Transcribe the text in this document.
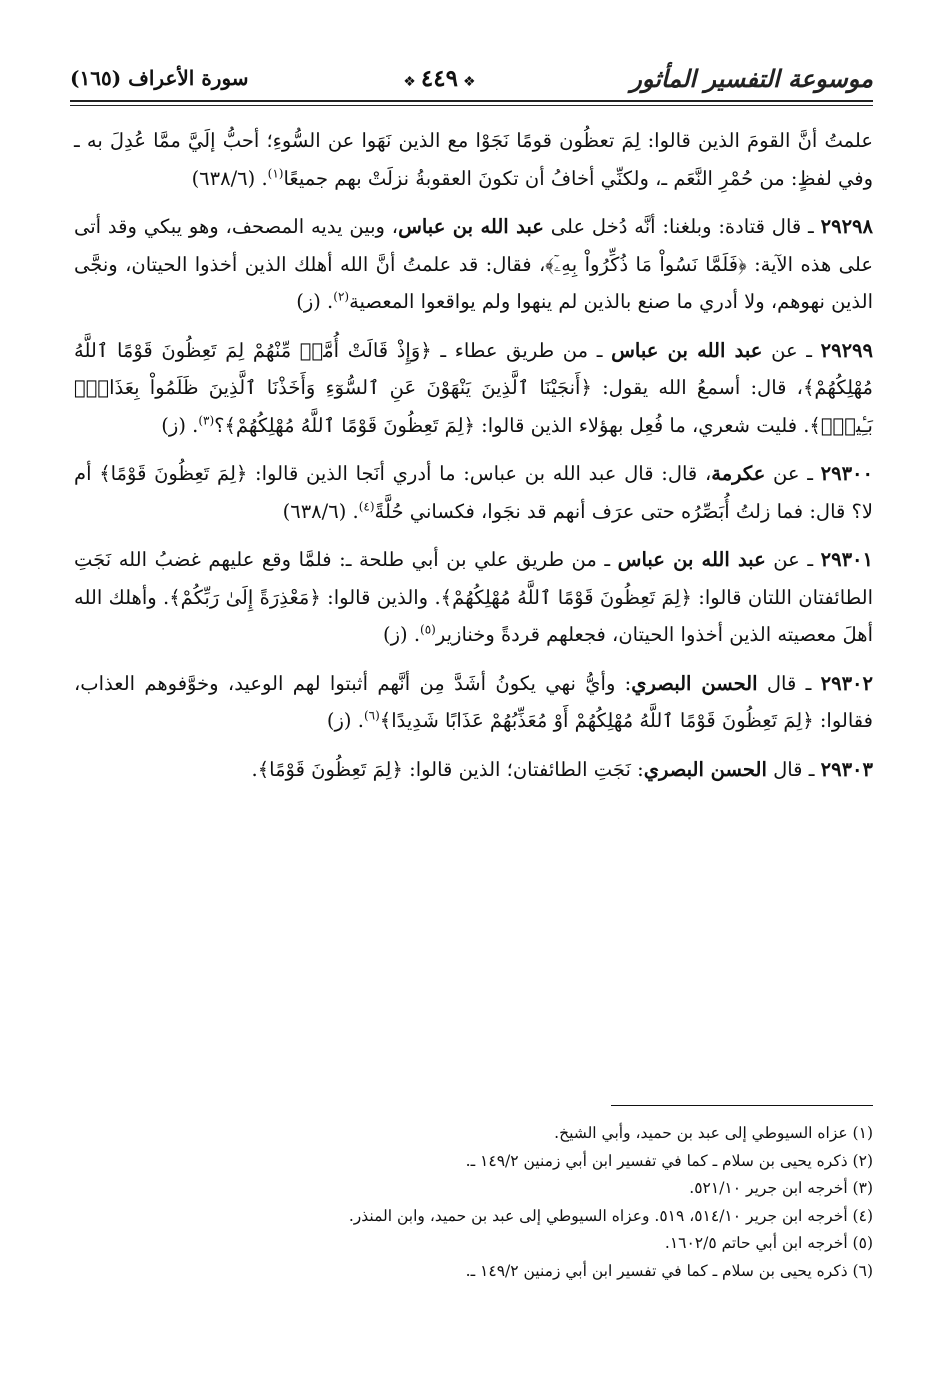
موسوعة التفسير المأثور
❖ ٤٤٩ ❖
سورة الأعراف (١٦٥)

علمتُ أنَّ القومَ الذين قالوا: لِمَ تعظُون قومًا نَجَوْا مع الذين نَهَوا عن السُّوءِ؛ أحبُّ إلَيَّ ممَّا عُدِلَ به ـ وفي لفظٍ: من حُمْرِ النَّعَم ـ، ولكنِّي أخافُ أن تكونَ العقوبةُ نزلَتْ بهم جميعًا$^{(١)}$. (٦٣٨/٦)

٢٩٢٩٨ ـ قال قتادة: وبلغنا: أنَّه دُخل على عبد الله بن عباس، وبين يديه المصحف، وهو يبكي وقد أتى على هذه الآية: ﴿فَلَمَّا نَسُواْ مَا ذُكِّرُواْ بِهِۦٓ﴾، فقال: قد علمتُ أنَّ الله أهلك الذين أخذوا الحيتان، ونجَّى الذين نهوهم، ولا أدري ما صنع بالذين لم ينهوا ولم يواقعوا المعصية$^{(٢)}$. (ز)

٢٩٢٩٩ ـ عن عبد الله بن عباس ـ من طريق عطاء ـ ﴿وَإِذْ قَالَتْ أُمَّةٞ مِّنْهُمْ لِمَ تَعِظُونَ قَوْمًا ٱللَّهُ مُهْلِكُهُمْ﴾، قال: أسمعُ الله يقول: ﴿أَنجَيْنَا ٱلَّذِينَ يَنْهَوْنَ عَنِ ٱلسُّوٓءِ وَأَخَذْنَا ٱلَّذِينَ ظَلَمُواْ بِعَذَابِۭ بَـِٔيسِۭ﴾. فليت شعري، ما فُعِل بهؤلاء الذين قالوا: ﴿لِمَ تَعِظُونَ قَوْمًا ٱللَّهُ مُهْلِكُهُمْ﴾؟$^{(٣)}$. (ز)

٢٩٣٠٠ ـ عن عكرمة، قال: قال عبد الله بن عباس: ما أدري أنَجا الذين قالوا: ﴿لِمَ تَعِظُونَ قَوْمًا﴾ أم لا؟ قال: فما زلتُ أُبَصِّرُه حتى عرَف أنهم قد نجَوا، فكساني حُلَّةً$^{(٤)}$. (٦٣٨/٦)

٢٩٣٠١ ـ عن عبد الله بن عباس ـ من طريق علي بن أبي طلحة ـ: فلمَّا وقع عليهم غضبُ الله نَجَتِ الطائفتان اللتان قالوا: ﴿لِمَ تَعِظُونَ قَوْمًا ٱللَّهُ مُهْلِكُهُمْ﴾. والذين قالوا: ﴿مَعْذِرَةً إِلَىٰ رَبِّكُمْ﴾. وأهلك الله أهلَ معصيته الذين أخذوا الحيتان، فجعلهم قردةً وخنازير$^{(٥)}$. (ز)

٢٩٣٠٢ ـ قال الحسن البصري: وأيُّ نهي يكونُ أشَدَّ مِن أنَّهم أثبتوا لهم الوعيد، وخوَّفوهم العذاب، فقالوا: ﴿لِمَ تَعِظُونَ قَوْمًا ٱللَّهُ مُهْلِكُهُمْ أَوْ مُعَذِّبُهُمْ عَذَابًا شَدِيدًا﴾$^{(٦)}$. (ز)

٢٩٣٠٣ ـ قال الحسن البصري: نَجَتِ الطائفتان؛ الذين قالوا: ﴿لِمَ تَعِظُونَ قَوْمًا﴾.

(١) عزاه السيوطي إلى عبد بن حميد، وأبي الشيخ.
(٢) ذكره يحيى بن سلام ـ كما في تفسير ابن أبي زمنين ١٤٩/٢ ـ.
(٣) أخرجه ابن جرير ٥٢١/١٠.
(٤) أخرجه ابن جرير ٥١٤/١٠، ٥١٩. وعزاه السيوطي إلى عبد بن حميد، وابن المنذر.
(٥) أخرجه ابن أبي حاتم ١٦٠٢/٥.
(٦) ذكره يحيى بن سلام ـ كما في تفسير ابن أبي زمنين ١٤٩/٢ ـ.
